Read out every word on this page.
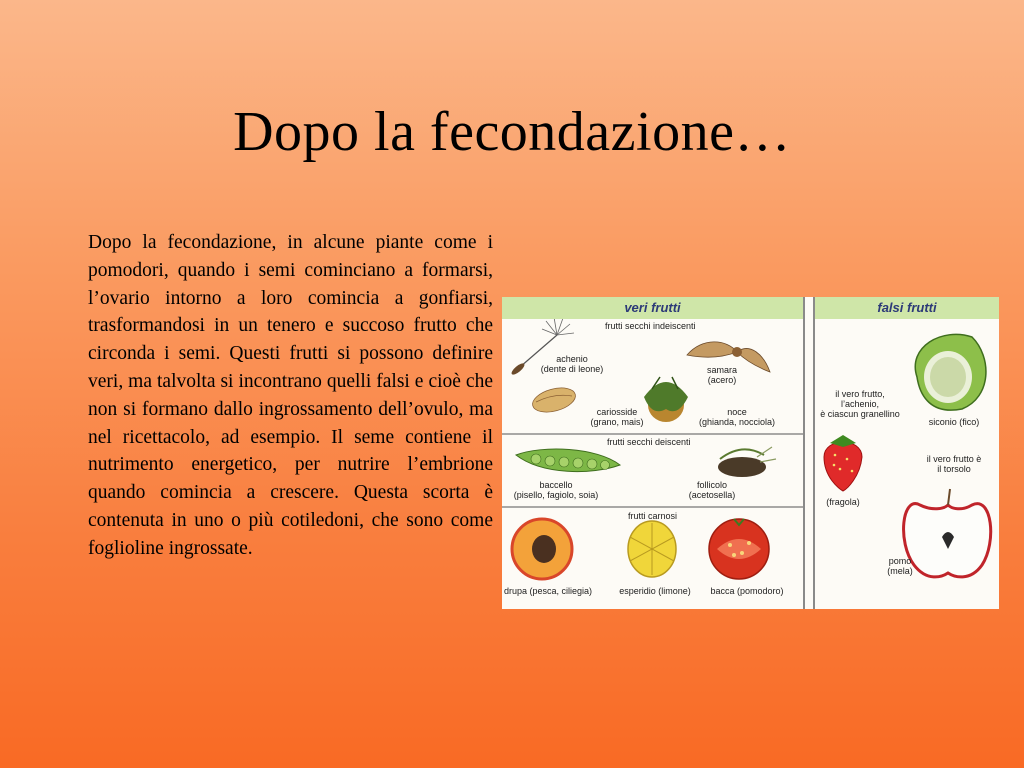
Dopo la fecondazione…
Dopo la fecondazione, in alcune piante come i pomodori, quando i semi cominciano a formarsi, l’ovario intorno a loro comincia a gonfiarsi, trasformandosi in un tenero e succoso frutto che circonda i semi. Questi frutti si possono definire veri, ma talvolta si incontrano quelli falsi e cioè che non si formano dallo ingrossamento dell’ovulo, ma nel ricettacolo, ad esempio. Il seme contiene il nutrimento energetico, per nutrire l’embrione quando comincia a crescere. Questa scorta è contenuta in uno o più cotiledoni, che sono come foglioline ingrossate.
veri frutti	falsi frutti
frutti secchi indeiscenti
frutti secchi deiscenti
frutti carnosi
achenio
(dente di leone)	samara
(acero)
cariosside
(grano, mais)
noce
(ghianda, nocciola)
baccello
(pisello, fagiolo, soia)
follicolo
(acetosella)
drupa (pesca, ciliegia)	esperidio (limone)	bacca (pomodoro)
il vero frutto,
l’achenio,
è ciascun granellino
siconio (fico)
(fragola)
il vero frutto è
il torsolo
pomo
(mela)
